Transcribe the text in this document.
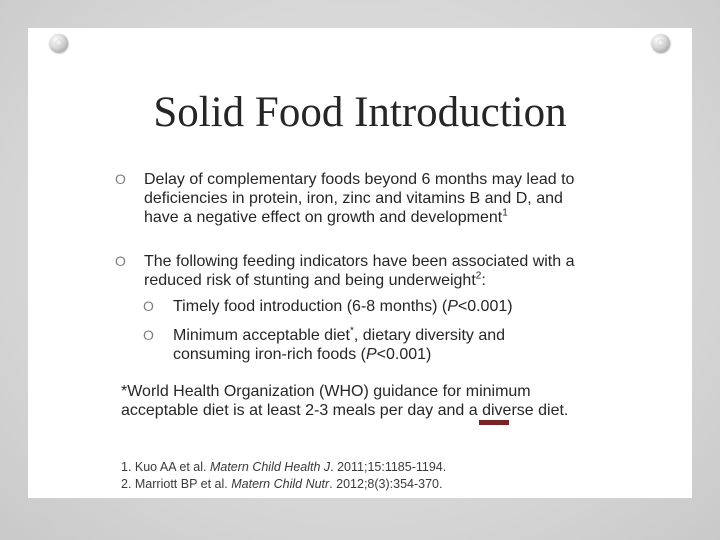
Solid Food Introduction
O Delay of complementary foods beyond 6 months may lead to deficiencies in protein, iron, zinc and vitamins B and D, and have a negative effect on growth and development$^1$
O The following feeding indicators have been associated with a reduced risk of stunting and being underweight$^2$:
O Timely food introduction (6-8 months) (P<0.001)
O Minimum acceptable diet*, dietary diversity and consuming iron-rich foods (P<0.001)
*World Health Organization (WHO) guidance for minimum acceptable diet is at least 2-3 meals per day and a diverse diet.
1. Kuo AA et al. Matern Child Health J. 2011;15:1185-1194.
2. Marriott BP et al. Matern Child Nutr. 2012;8(3):354-370.
